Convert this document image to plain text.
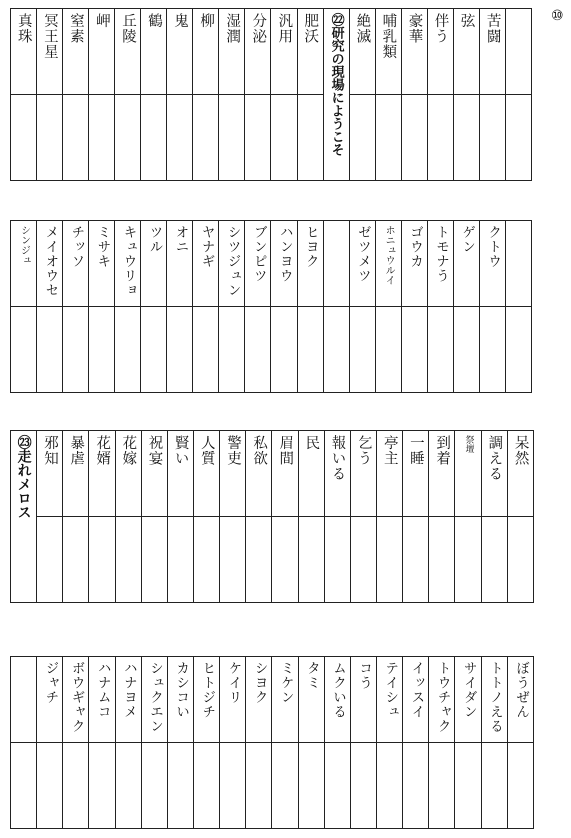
⑩
真珠	冥王星	窒素	岬	丘陵	鶴	鬼	柳	湿潤	分泌	汎用	肥沃	㉒研究の現場にようこそ	絶滅	哺乳類	豪華	伴う	弦	苦闘	

シンジュ	メイオウセ	チッソ	ミサキ	キュウリョ	ツル	オニ	ヤナギ	シツジュン	ブンピツ	ハンヨウ	ヒヨク		ゼツメツ	ホニュウルイ	ゴウカ	トモナう	ゲン	クトウ	

㉓走れメロス	邪知	暴虐	花婿	花嫁	祝宴	賢い	人質	警吏	私欲	眉間	民	報いる	乞う	亭主	一睡	到着	祭壇	調える	呆然

	ジャチ	ボウギャク	ハナムコ	ハナヨメ	シュクエン	カシコい	ヒトジチ	ケイリ	シヨク	ミケン	タミ	ムクいる	コう	テイシュ	イッスイ	トウチャク	サイダン	トトノえる	ぼうぜん
